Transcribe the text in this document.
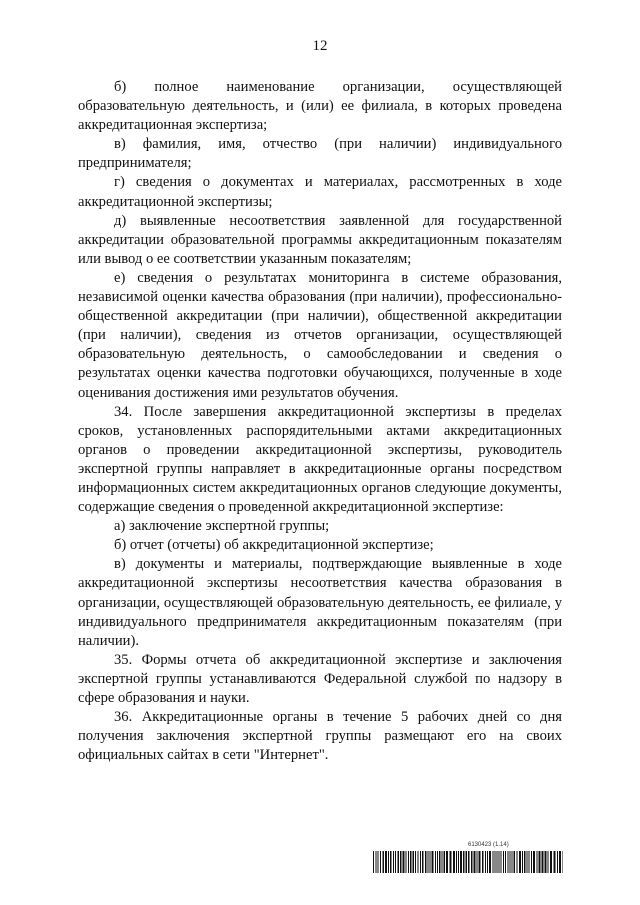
12

б) полное наименование организации, осуществляющей образовательную деятельность, и (или) ее филиала, в которых проведена аккредитационная экспертиза;

в) фамилия, имя, отчество (при наличии) индивидуального предпринимателя;

г) сведения о документах и материалах, рассмотренных в ходе аккредитационной экспертизы;

д) выявленные несоответствия заявленной для государственной аккредитации образовательной программы аккредитационным показателям или вывод о ее соответствии указанным показателям;

е) сведения о результатах мониторинга в системе образования, независимой оценки качества образования (при наличии), профессионально-общественной аккредитации (при наличии), общественной аккредитации (при наличии), сведения из отчетов организации, осуществляющей образовательную деятельность, о самообследовании и сведения о результатах оценки качества подготовки обучающихся, полученные в ходе оценивания достижения ими результатов обучения.

34. После завершения аккредитационной экспертизы в пределах сроков, установленных распорядительными актами аккредитационных органов о проведении аккредитационной экспертизы, руководитель экспертной группы направляет в аккредитационные органы посредством информационных систем аккредитационных органов следующие документы, содержащие сведения о проведенной аккредитационной экспертизе:

а) заключение экспертной группы;

б) отчет (отчеты) об аккредитационной экспертизе;

в) документы и материалы, подтверждающие выявленные в ходе аккредитационной экспертизы несоответствия качества образования в организации, осуществляющей образовательную деятельность, ее филиале, у индивидуального предпринимателя аккредитационным показателям (при наличии).

35. Формы отчета об аккредитационной экспертизе и заключения экспертной группы устанавливаются Федеральной службой по надзору в сфере образования и науки.

36. Аккредитационные органы в течение 5 рабочих дней со дня получения заключения экспертной группы размещают его на своих официальных сайтах в сети "Интернет".

6130423 (1.14)
